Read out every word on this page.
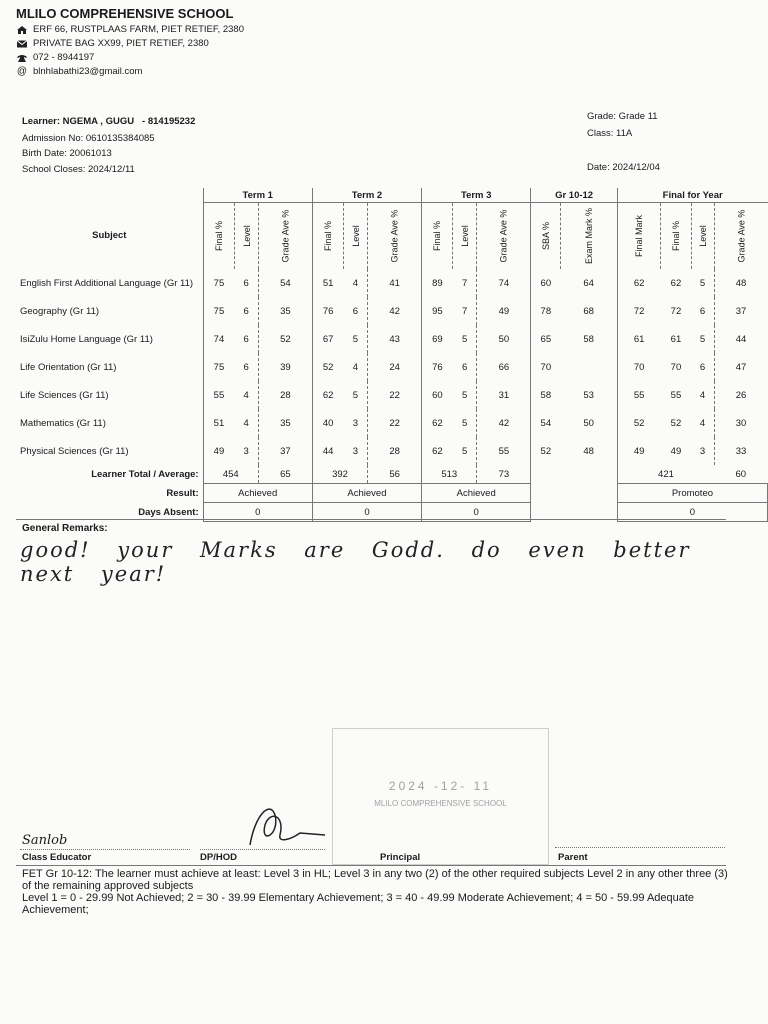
MLILO COMPREHENSIVE SCHOOL
ERF 66, RUSTPLAAS FARM, PIET RETIEF, 2380
PRIVATE BAG XX99, PIET RETIEF, 2380
072 - 8944197
@ blnhlabathi23@gmail.com
Learner: NGEMA , GUGU - 814195232
Admission No: 0610135384085
Birth Date: 20061013
School Closes: 2024/12/11
Grade: Grade 11
Class: 11A
Date: 2024/12/04
	Term 1			Term 2			Term 3			Gr 10-12		Final for Year			
Subject	Final %	Level	Grade Ave %	Final %	Level	Grade Ave %	Final %	Level	Grade Ave %	SBA %	Exam Mark %	Final Mark	Final %	Level	Grade Ave %
English First Additional Language (Gr 11)	75	6	54	51	4	41	89	7	74	60	64	62	62	5	48
Geography (Gr 11)	75	6	35	76	6	42	95	7	49	78	68	72	72	6	37
IsiZulu Home Language (Gr 11)	74	6	52	67	5	43	69	5	50	65	58	61	61	5	44
Life Orientation (Gr 11)	75	6	39	52	4	24	76	6	66	70		70	70	6	47
Life Sciences (Gr 11)	55	4	28	62	5	22	60	5	31	58	53	55	55	4	26
Mathematics (Gr 11)	51	4	35	40	3	22	62	5	42	54	50	52	52	4	30
Physical Sciences (Gr 11)	49	3	37	44	3	28	62	5	55	52	48	49	49	3	33
Learner Total / Average:	454		65	392		56	513		73			421			60
Result:	Achieved			Achieved			Achieved					Promoteo			
Days Absent:	0			0			0					0			
General Remarks:
good! your Marks are Godd. do even better next year!
2024 -12- 11
MLILO COMPREHENSIVE SCHOOL
Sanlob
Class Educator	DP/HOD	Principal	Parent
FET Gr 10-12: The learner must achieve at least: Level 3 in HL; Level 3 in any two (2) of the other required subjects Level 2 in any other three (3) of the remaining approved subjects
Level 1 = 0 - 29.99 Not Achieved; 2 = 30 - 39.99 Elementary Achievement; 3 = 40 - 49.99 Moderate Achievement; 4 = 50 - 59.99 Adequate Achievement;
